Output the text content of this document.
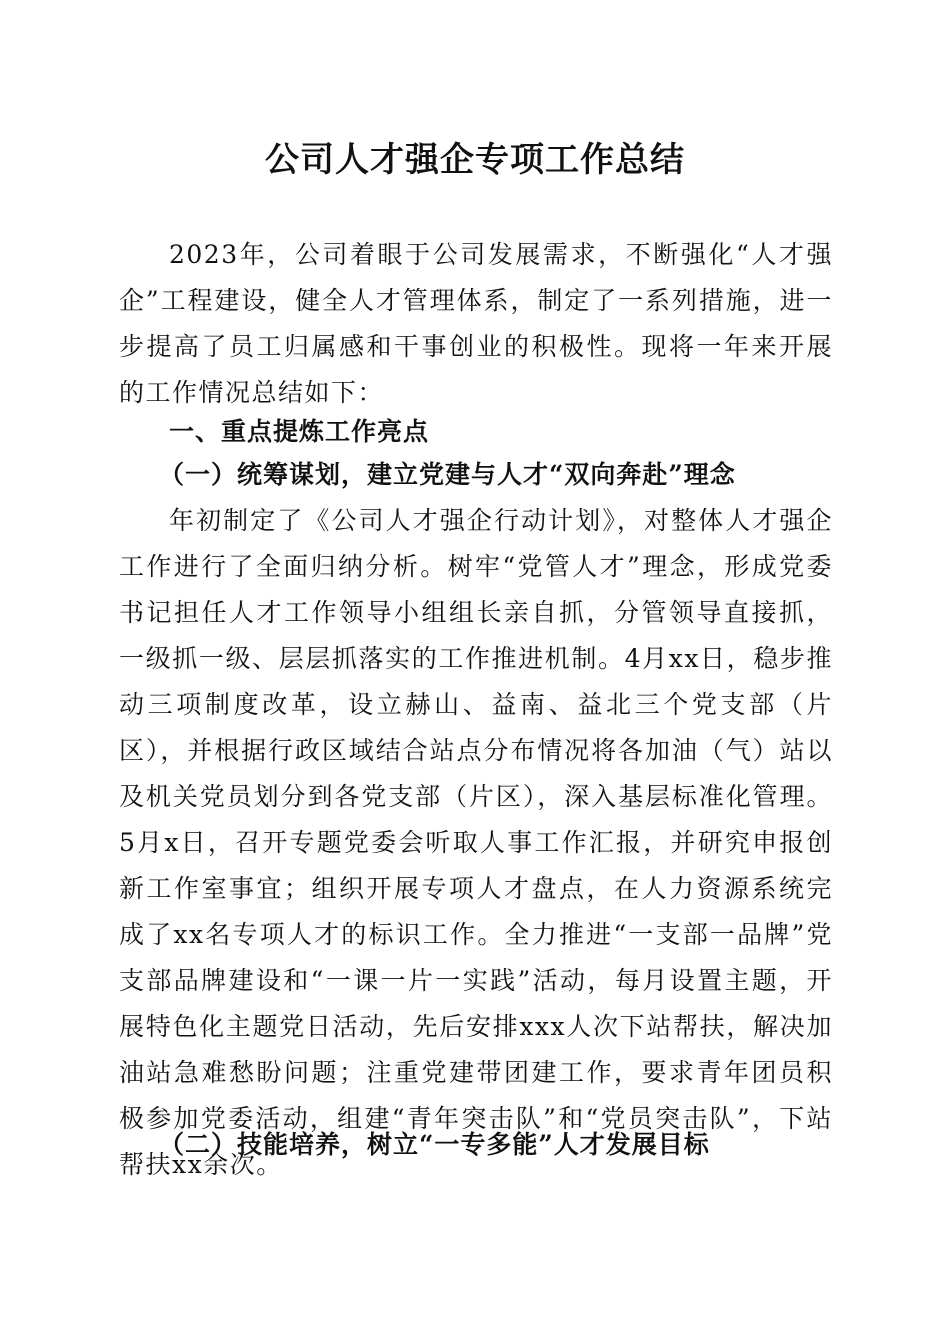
公司人才强企专项工作总结

2023年，公司着眼于公司发展需求，不断强化“人才强企”工程建设，健全人才管理体系，制定了一系列措施，进一步提高了员工归属感和干事创业的积极性。现将一年来开展的工作情况总结如下：

一、重点提炼工作亮点
（一）统筹谋划，建立党建与人才“双向奔赴”理念

年初制定了《公司人才强企行动计划》，对整体人才强企工作进行了全面归纳分析。树牢“党管人才”理念，形成党委书记担任人才工作领导小组组长亲自抓，分管领导直接抓，一级抓一级、层层抓落实的工作推进机制。4月xx日，稳步推动三项制度改革，设立赫山、益南、益北三个党支部（片区），并根据行政区域结合站点分布情况将各加油（气）站以及机关党员划分到各党支部（片区），深入基层标准化管理。5月x日，召开专题党委会听取人事工作汇报，并研究申报创新工作室事宜；组织开展专项人才盘点，在人力资源系统完成了xx名专项人才的标识工作。全力推进“一支部一品牌”党支部品牌建设和“一课一片一实践”活动，每月设置主题，开展特色化主题党日活动，先后安排xxx人次下站帮扶，解决加油站急难愁盼问题；注重党建带团建工作，要求青年团员积极参加党委活动，组建“青年突击队”和“党员突击队”，下站帮扶xx余次。

（二）技能培养，树立“一专多能”人才发展目标
